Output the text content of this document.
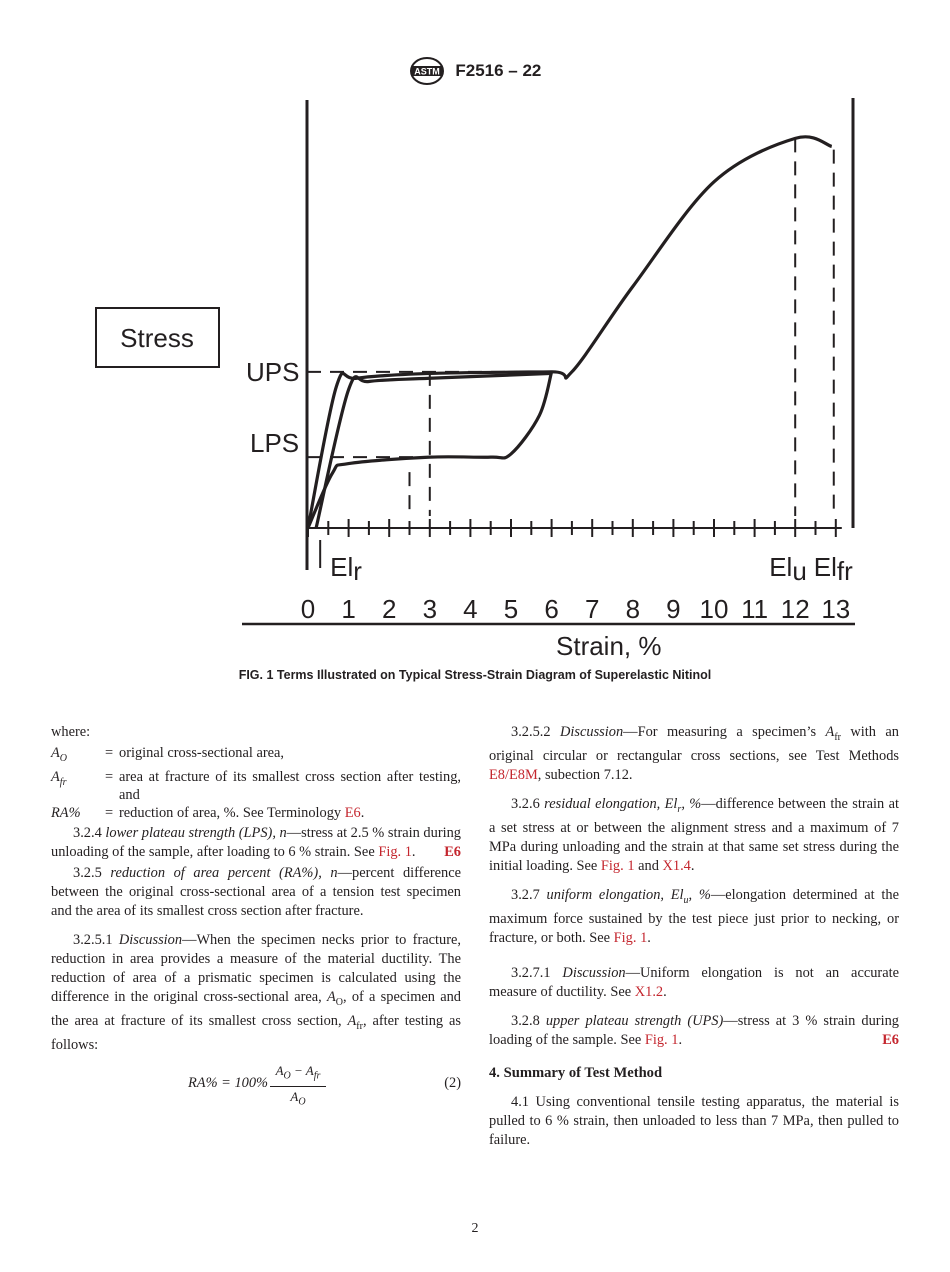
ASTM F2516 – 22
Stress
UPS
LPS
Strain, %
0 1 2 3 4 5 6 7 8 9 10 11 12 13
Elr	Elu Elfr
FIG. 1 Terms Illustrated on Typical Stress-Strain Diagram of Superelastic Nitinol
where:
$A_O$	=	original cross-sectional area,
$A_{fr}$	=	area at fracture of its smallest cross section after testing, and
RA%	=	reduction of area, %. See Terminology E6.

3.2.4 lower plateau strength (LPS), n—stress at 2.5 % strain during unloading of the sample, after loading to 6 % strain. See Fig. 1.	E6

3.2.5 reduction of area percent (RA%), n—percent difference between the original cross-sectional area of a tension test specimen and the area of its smallest cross section after fracture.

3.2.5.1 Discussion—When the specimen necks prior to fracture, reduction in area provides a measure of the material ductility. The reduction of area of a prismatic specimen is calculated using the difference in the original cross-sectional area, $A_O$, of a specimen and the area at fracture of its smallest cross section, $A_{fr}$, after testing as follows:

RA% = 100%
$A_O - A_{fr}$
$A_O$
(2)

3.2.5.2 Discussion—For measuring a specimen’s $A_{fr}$ with an original circular or rectangular cross sections, see Test Methods E8/E8M, subection 7.12.

3.2.6 residual elongation, $El_r$, %—difference between the strain at a set stress at or between the alignment stress and a maximum of 7 MPa during unloading and the strain at that same set stress during the initial loading. See Fig. 1 and X1.4.

3.2.7 uniform elongation, $El_u$, %—elongation determined at the maximum force sustained by the test piece just prior to necking, or fracture, or both. See Fig. 1.

3.2.7.1 Discussion—Uniform elongation is not an accurate measure of ductility. See X1.2.

3.2.8 upper plateau strength (UPS)—stress at 3 % strain during loading of the sample. See Fig. 1.	E6

4. Summary of Test Method

4.1 Using conventional tensile testing apparatus, the material is pulled to 6 % strain, then unloaded to less than 7 MPa, then pulled to failure.

2
